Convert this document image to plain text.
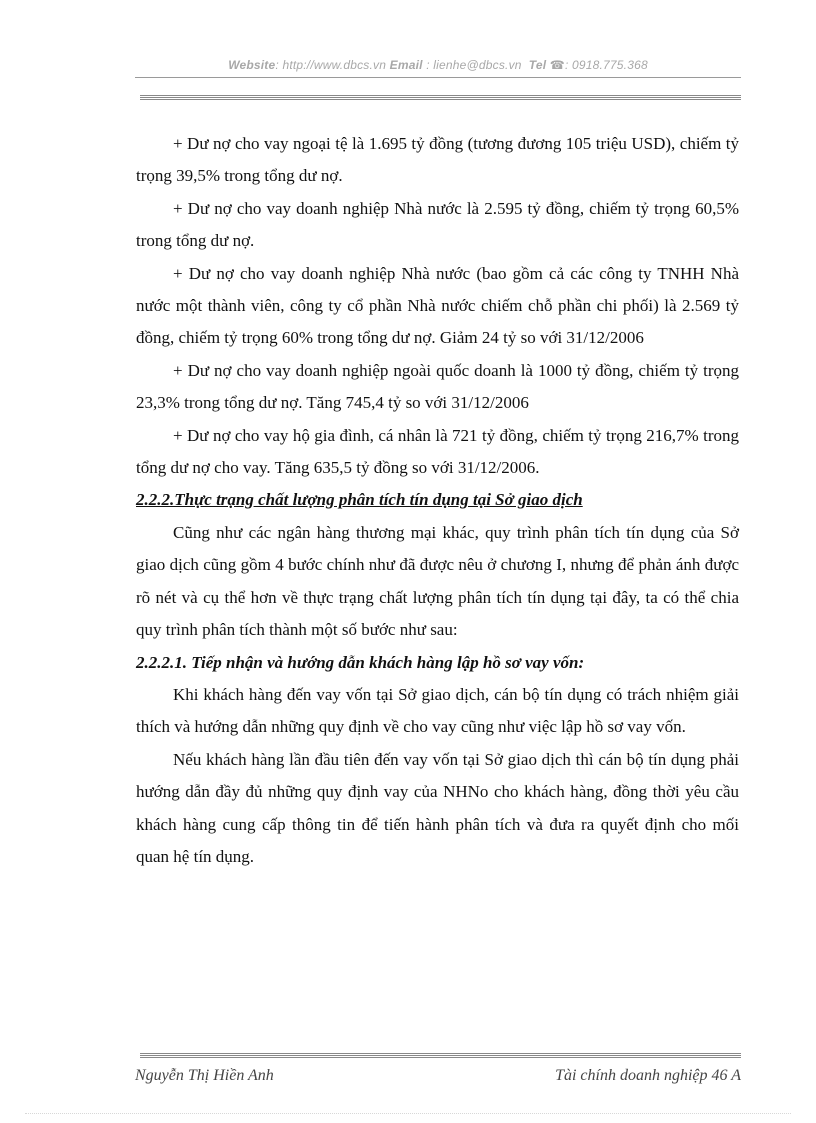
Website: http://www.dbcs.vn Email : lienhe@dbcs.vn Tel ☎: 0918.775.368

+ Dư nợ cho vay ngoại tệ là 1.695 tỷ đồng (tương đương 105 triệu USD), chiếm tỷ trọng 39,5% trong tổng dư nợ.

+ Dư nợ cho vay doanh nghiệp Nhà nước là 2.595 tỷ đồng, chiếm tỷ trọng 60,5% trong tổng dư nợ.

+ Dư nợ cho vay doanh nghiệp Nhà nước (bao gồm cả các công ty TNHH Nhà nước một thành viên, công ty cổ phần Nhà nước chiếm chỗ phần chi phối) là 2.569 tỷ đồng, chiếm tỷ trọng 60% trong tổng dư nợ. Giảm 24 tỷ so với 31/12/2006

+ Dư nợ cho vay doanh nghiệp ngoài quốc doanh là 1000 tỷ đồng, chiếm tỷ trọng 23,3% trong tổng dư nợ. Tăng 745,4 tỷ so với 31/12/2006

+ Dư nợ cho vay hộ gia đình, cá nhân là 721 tỷ đồng, chiếm tỷ trọng 216,7% trong tổng dư nợ cho vay. Tăng 635,5 tỷ đồng so với 31/12/2006.

2.2.2.Thực trạng chất lượng phân tích tín dụng tại Sở giao dịch

Cũng như các ngân hàng thương mại khác, quy trình phân tích tín dụng của Sở giao dịch cũng gồm 4 bước chính như đã được nêu ở chương I, nhưng để phản ánh được rõ nét và cụ thể hơn về thực trạng chất lượng phân tích tín dụng tại đây, ta có thể chia quy trình phân tích thành một số bước như sau:

2.2.2.1. Tiếp nhận và hướng dẫn khách hàng lập hồ sơ vay vốn:

Khi khách hàng đến vay vốn tại Sở giao dịch, cán bộ tín dụng có trách nhiệm giải thích và hướng dẫn những quy định về cho vay cũng như việc lập hồ sơ vay vốn.

Nếu khách hàng lần đầu tiên đến vay vốn tại Sở giao dịch thì cán bộ tín dụng phải hướng dẫn đầy đủ những quy định vay của NHNo cho khách hàng, đồng thời yêu cầu khách hàng cung cấp thông tin để tiến hành phân tích và đưa ra quyết định cho mối quan hệ tín dụng.

Nguyễn Thị Hiền Anh	Tài chính doanh nghiệp 46 A
